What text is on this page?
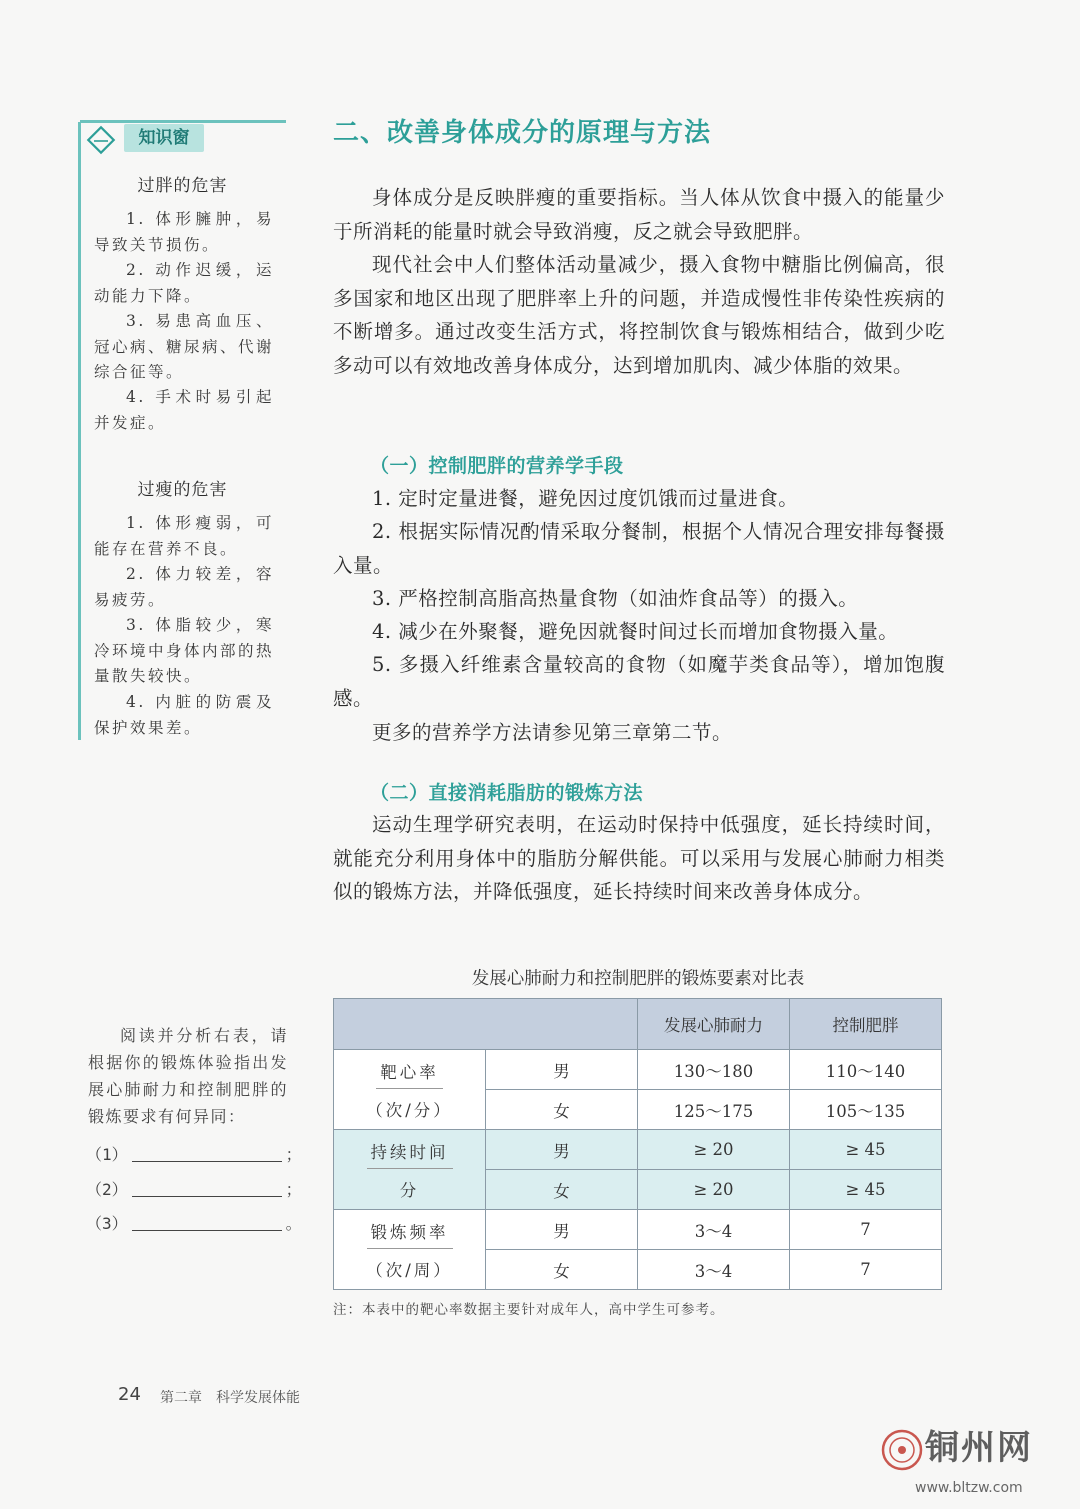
知识窗
过胖的危害
1. 体形臃肿，易导致关节损伤。
2. 动作迟缓，运动能力下降。
3. 易患高血压、冠心病、糖尿病、代谢综合征等。
4. 手术时易引起并发症。
过瘦的危害
1. 体形瘦弱，可能存在营养不良。
2. 体力较差，容易疲劳。
3. 体脂较少，寒冷环境中身体内部的热量散失较快。
4. 内脏的防震及保护效果差。
二、改善身体成分的原理与方法
身体成分是反映胖瘦的重要指标。当人体从饮食中摄入的能量少于所消耗的能量时就会导致消瘦，反之就会导致肥胖。
现代社会中人们整体活动量减少，摄入食物中糖脂比例偏高，很多国家和地区出现了肥胖率上升的问题，并造成慢性非传染性疾病的不断增多。通过改变生活方式，将控制饮食与锻炼相结合，做到少吃多动可以有效地改善身体成分，达到增加肌肉、减少体脂的效果。
（一）控制肥胖的营养学手段
1. 定时定量进餐，避免因过度饥饿而过量进食。
2. 根据实际情况酌情采取分餐制，根据个人情况合理安排每餐摄入量。
3. 严格控制高脂高热量食物（如油炸食品等）的摄入。
4. 减少在外聚餐，避免因就餐时间过长而增加食物摄入量。
5. 多摄入纤维素含量较高的食物（如魔芋类食品等），增加饱腹感。
更多的营养学方法请参见第三章第二节。
（二）直接消耗脂肪的锻炼方法
运动生理学研究表明，在运动时保持中低强度，延长持续时间，就能充分利用身体中的脂肪分解供能。可以采用与发展心肺耐力相类似的锻炼方法，并降低强度，延长持续时间来改善身体成分。
阅读并分析右表，请根据你的锻炼体验指出发展心肺耐力和控制肥胖的锻炼要求有何异同：
（1）	；
（2）	；
（3）	。
发展心肺耐力和控制肥胖的锻炼要素对比表
		发展心肺耐力	控制肥胖
靶心率
（次/分）	男	130～180	110～140
	女	125～175	105～135
持续时间
分	男	≥ 20	≥ 45
	女	≥ 20	≥ 45
锻炼频率
（次/周）	男	3～4	7
	女	3～4	7
注：本表中的靶心率数据主要针对成年人，高中学生可参考。
24 第二章　科学发展体能
铜州网
www.bltzw.com
